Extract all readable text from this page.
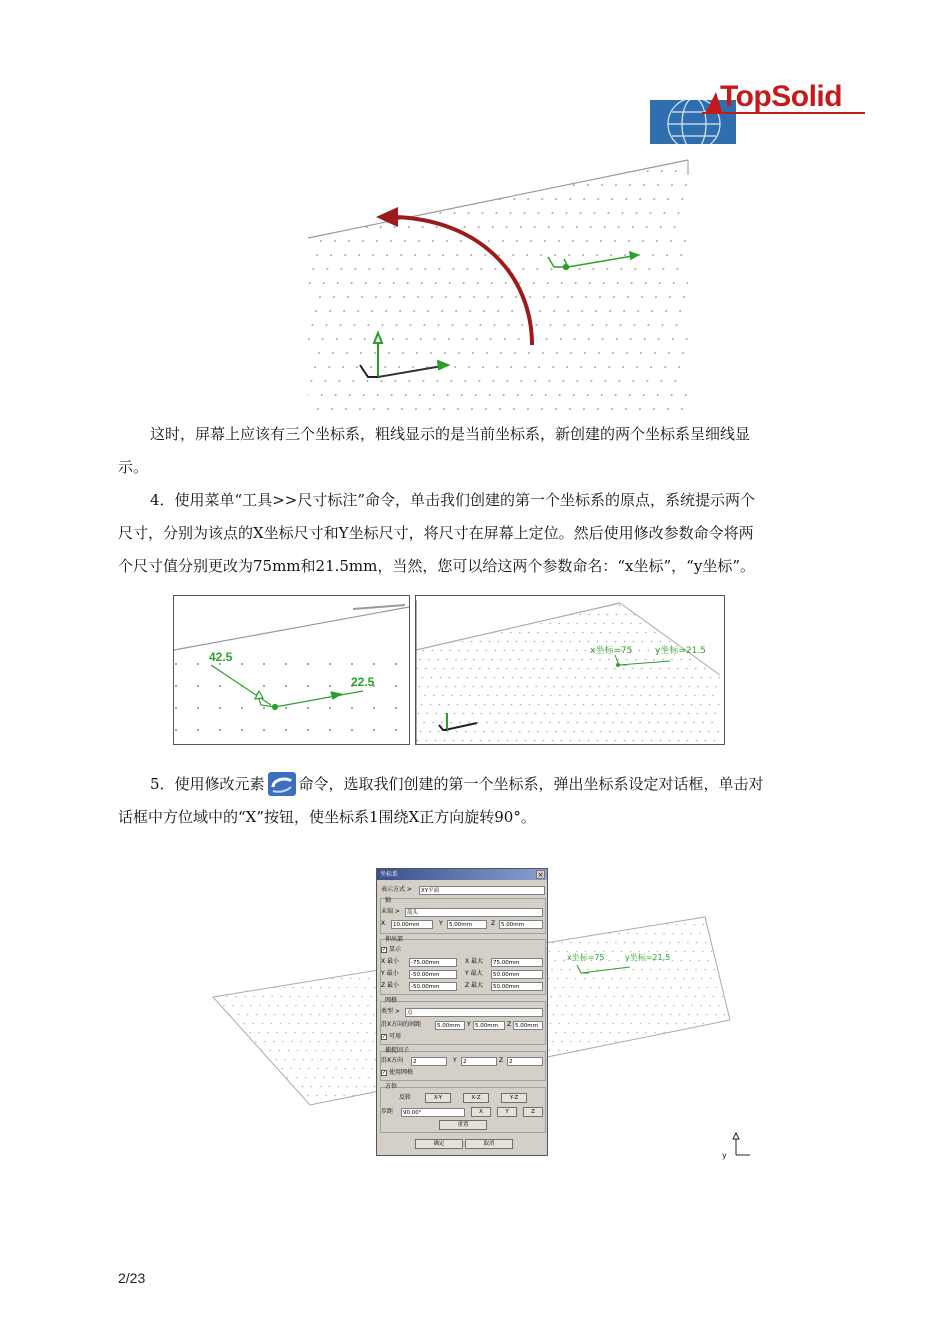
TopSolid
这时，屏幕上应该有三个坐标系，粗线显示的是当前坐标系，新创建的两个坐标系呈细线显
示。
4．使用菜单“工具>>尺寸标注”命令，单击我们创建的第一个坐标系的原点，系统提示两个
尺寸，分别为该点的X坐标尺寸和Y坐标尺寸，将尺寸在屏幕上定位。然后使用修改参数命令将两
个尺寸值分别更改为75mm和21.5mm，当然，您可以给这两个参数命名：“x坐标”，“y坐标”。
42.5
22.5
x坐标=75	y坐标=21.5
5．使用修改元素 命令，选取我们创建的第一个坐标系，弹出坐标系设定对话框，单击对
话框中方位域中的“X”按钮，使坐标系1围绕X正方向旋转90°。
x坐标=75	y坐标=21.5
y
坐标系	×
表示方式 >	XY平面
轴
末端 >	箭头
X	10.00mm	Y	5.00mm	Z	5.00mm
伸出部
✓ 显示
X 最小	-75.00mm	X 最大	75.00mm
Y 最小	-50.00mm	Y 最大	50.00mm
Z 最小	-50.00mm	Z 最大	50.00mm
网格
类型 >	点
沿X方向的间距	5.00mm	Y 5.00mm	Z 5.00mm
✓ 可用
捕捉因子
沿X方向	2	Y	2	Z	2
✓ 使用网格
方位
反转	X-Y	X-Z	Y-Z
步距	90.00°	X	Y	Z
重置
确定	取消
2/23
